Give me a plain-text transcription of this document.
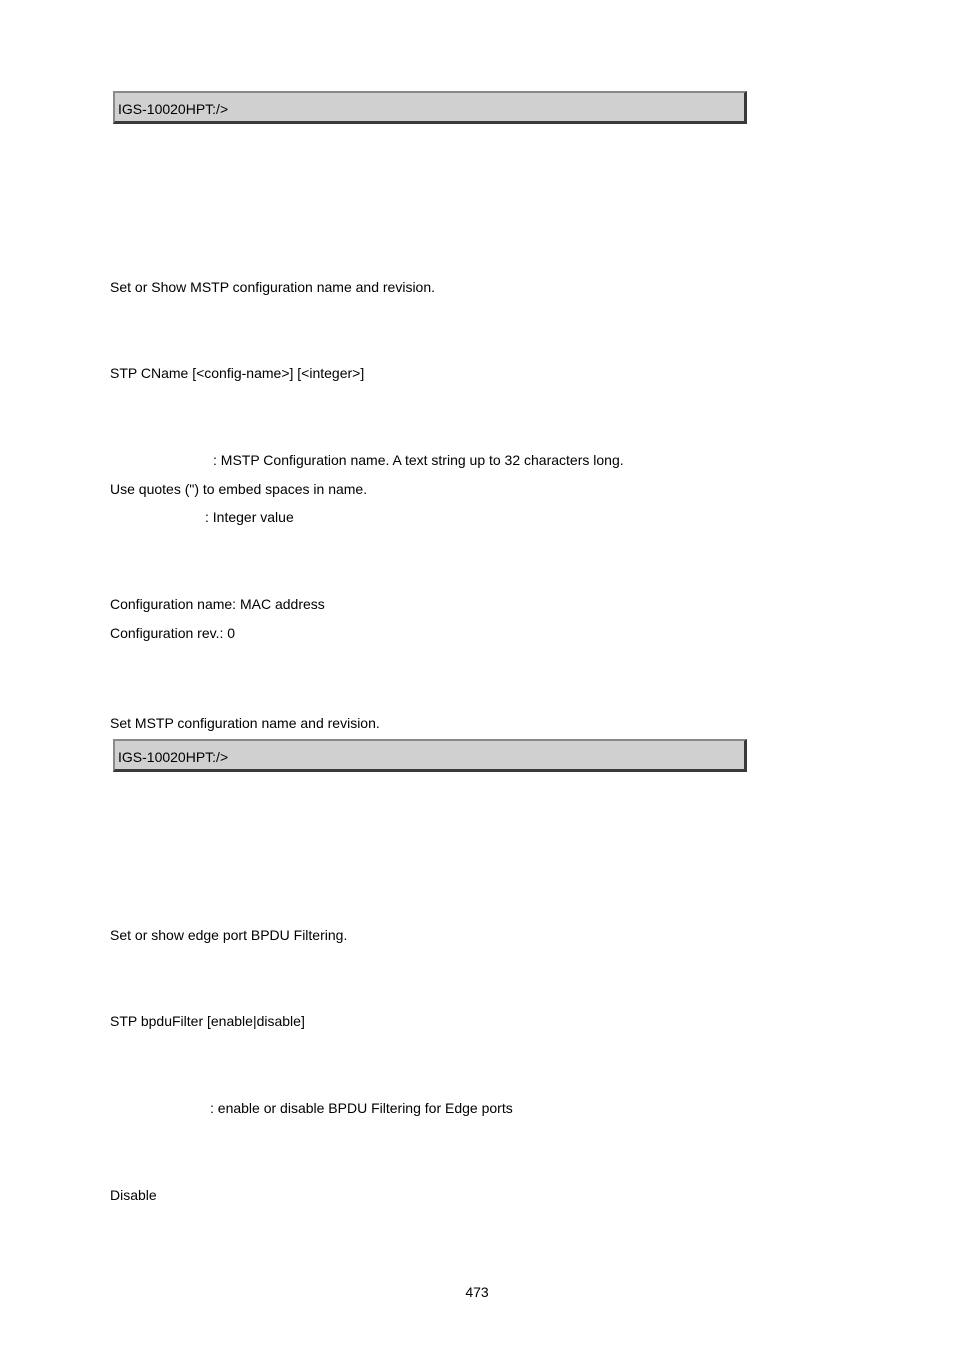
IGS-10020HPT:/>

Set or Show MSTP configuration name and revision.

STP CName [<config-name>] [<integer>]

: MSTP Configuration name. A text string up to 32 characters long.

Use quotes (") to embed spaces in name.

: Integer value

Configuration name: MAC address

Configuration rev.: 0

Set MSTP configuration name and revision.

IGS-10020HPT:/>

Set or show edge port BPDU Filtering.

STP bpduFilter [enable|disable]

: enable or disable BPDU Filtering for Edge ports

Disable

473
